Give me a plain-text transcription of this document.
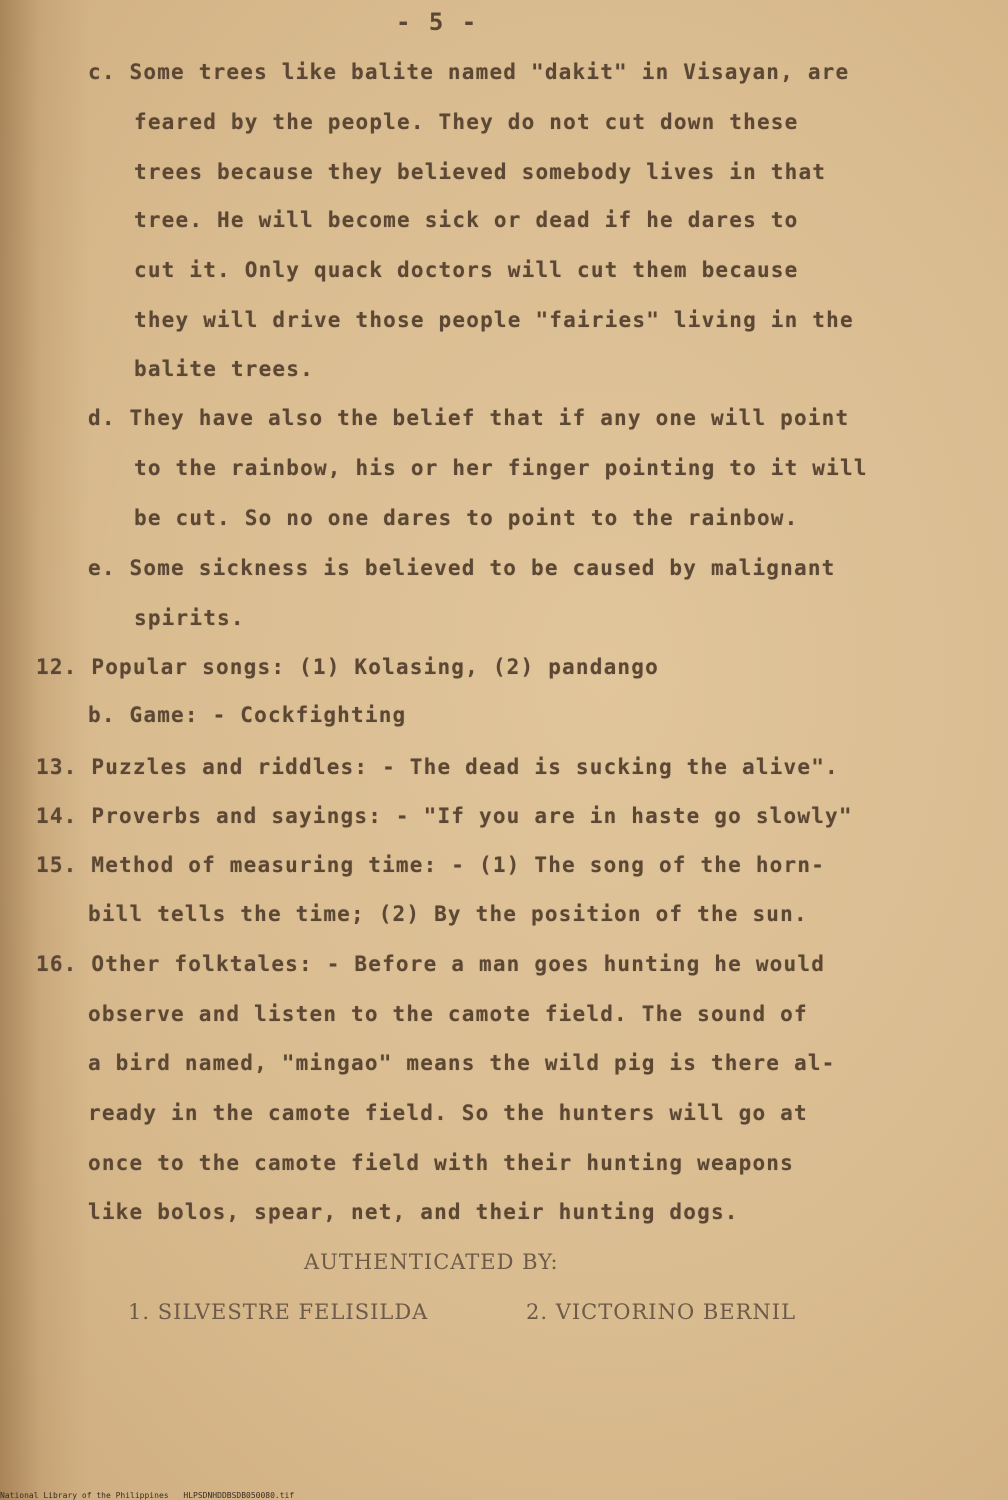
- 5 -
c. Some trees like balite named "dakit" in Visayan, are
feared by the people. They do not cut down these
trees because they believed somebody lives in that
tree. He will become sick or dead if he dares to
cut it. Only quack doctors will cut them because
they will drive those people "fairies" living in the
balite trees.
d. They have also the belief that if any one will point
to the rainbow, his or her finger pointing to it will
be cut. So no one dares to point to the rainbow.
e. Some sickness is believed to be caused by malignant
spirits.
12. Popular songs: (1) Kolasing, (2) pandango
b. Game: - Cockfighting
13. Puzzles and riddles: - The dead is sucking the alive".
14. Proverbs and sayings: - "If you are in haste go slowly"
15. Method of measuring time: - (1) The song of the horn-
bill tells the time; (2) By the position of the sun.
16. Other folktales: - Before a man goes hunting he would
observe and listen to the camote field. The sound of
a bird named, "mingao" means the wild pig is there al-
ready in the camote field. So the hunters will go at
once to the camote field with their hunting weapons
like bolos, spear, net, and their hunting dogs.
AUTHENTICATED BY:
1. SILVESTRE FELISILDA	2. VICTORINO BERNIL
National Library of the Philippines HLPSDNHDDBSDB050080.tif
